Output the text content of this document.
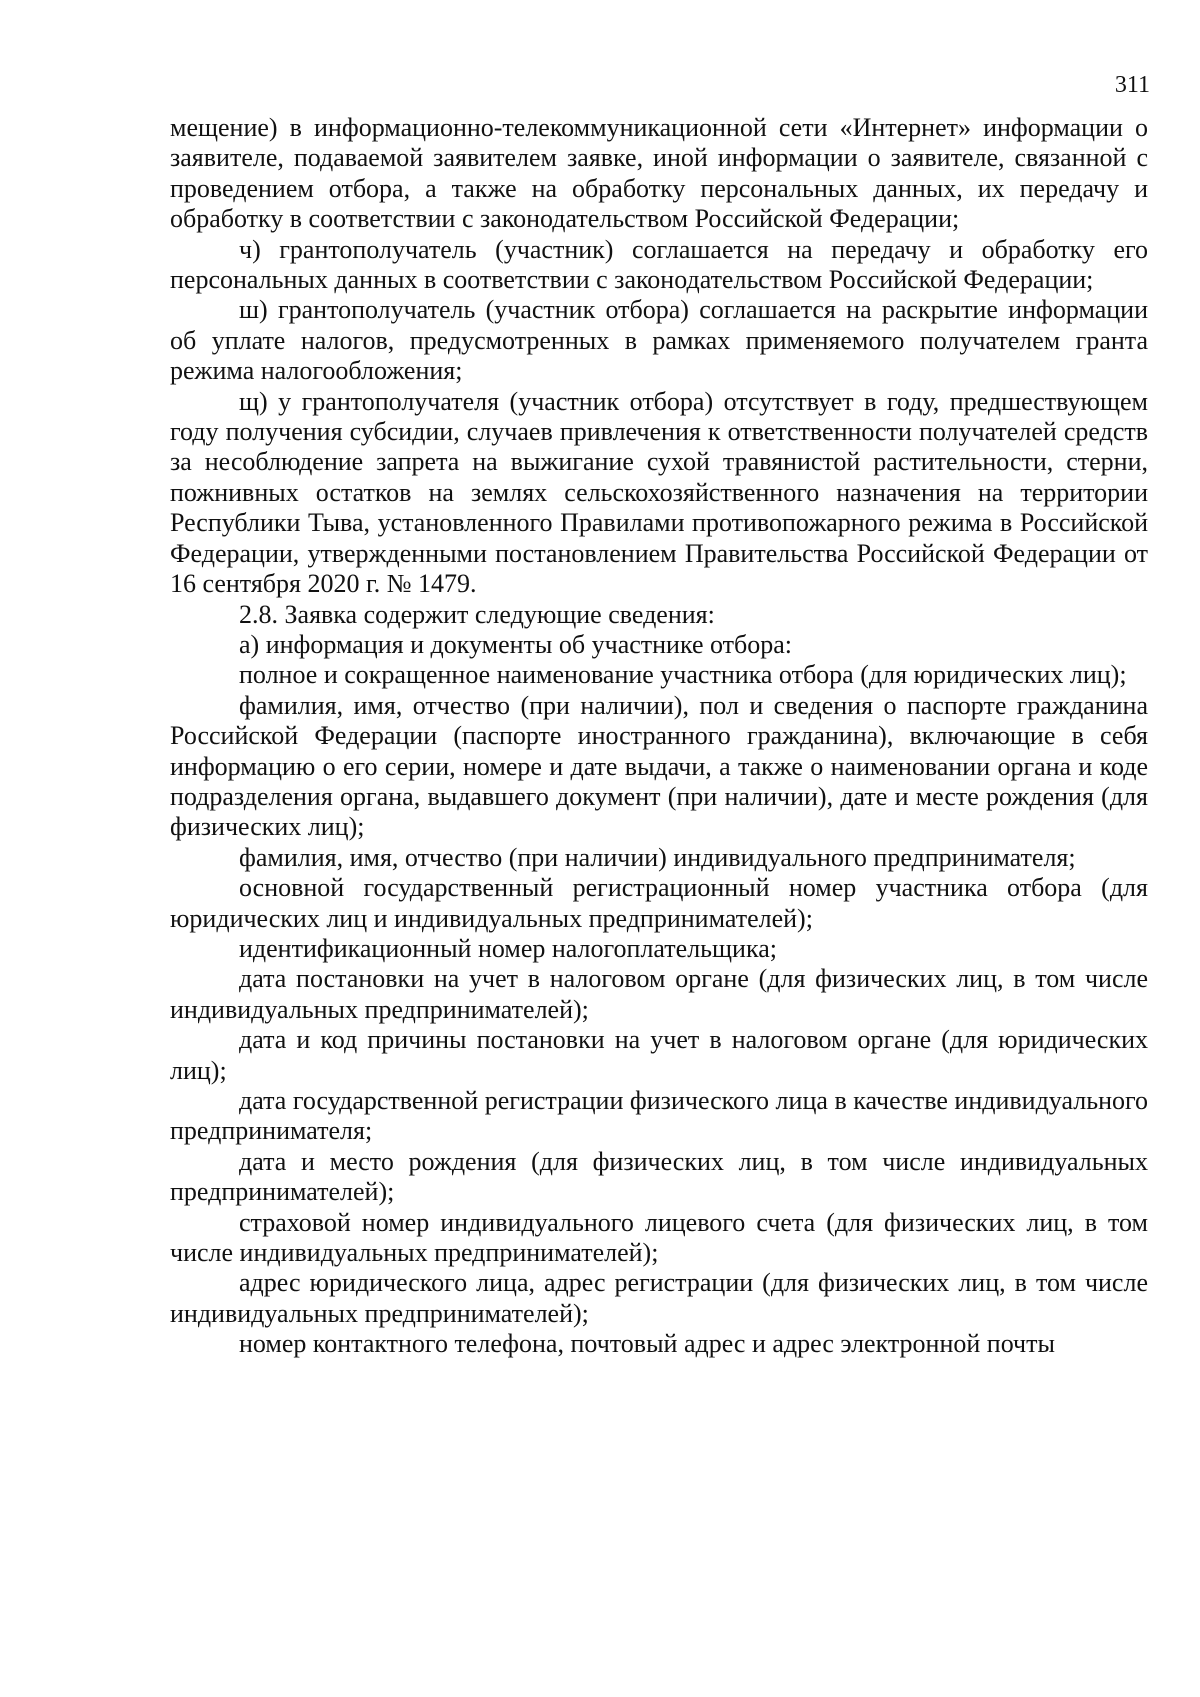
311

мещение) в информационно-телекоммуникационной сети «Интернет» информации о заявителе, подаваемой заявителем заявке, иной информации о заявителе, связанной с проведением отбора, а также на обработку персональных данных, их передачу и обработку в соответствии с законодательством Российской Федерации;

ч) грантополучатель (участник) соглашается на передачу и обработку его персональных данных в соответствии с законодательством Российской Федерации;

ш) грантополучатель (участник отбора) соглашается на раскрытие информации об уплате налогов, предусмотренных в рамках применяемого получателем гранта режима налогообложения;

щ) у грантополучателя (участник отбора) отсутствует в году, предшествующем году получения субсидии, случаев привлечения к ответственности получателей средств за несоблюдение запрета на выжигание сухой травянистой растительности, стерни, пожнивных остатков на землях сельскохозяйственного назначения на территории Республики Тыва, установленного Правилами противопожарного режима в Российской Федерации, утвержденными постановлением Правительства Российской Федерации от 16 сентября 2020 г. № 1479.

2.8. Заявка содержит следующие сведения:

а) информация и документы об участнике отбора:

полное и сокращенное наименование участника отбора (для юридических лиц);

фамилия, имя, отчество (при наличии), пол и сведения о паспорте гражданина Российской Федерации (паспорте иностранного гражданина), включающие в себя информацию о его серии, номере и дате выдачи, а также о наименовании органа и коде подразделения органа, выдавшего документ (при наличии), дате и месте рождения (для физических лиц);

фамилия, имя, отчество (при наличии) индивидуального предпринимателя;

основной государственный регистрационный номер участника отбора (для юридических лиц и индивидуальных предпринимателей);

идентификационный номер налогоплательщика;

дата постановки на учет в налоговом органе (для физических лиц, в том числе индивидуальных предпринимателей);

дата и код причины постановки на учет в налоговом органе (для юридических лиц);

дата государственной регистрации физического лица в качестве индивидуального предпринимателя;

дата и место рождения (для физических лиц, в том числе индивидуальных предпринимателей);

страховой номер индивидуального лицевого счета (для физических лиц, в том числе индивидуальных предпринимателей);

адрес юридического лица, адрес регистрации (для физических лиц, в том числе индивидуальных предпринимателей);

номер контактного телефона, почтовый адрес и адрес электронной почты
